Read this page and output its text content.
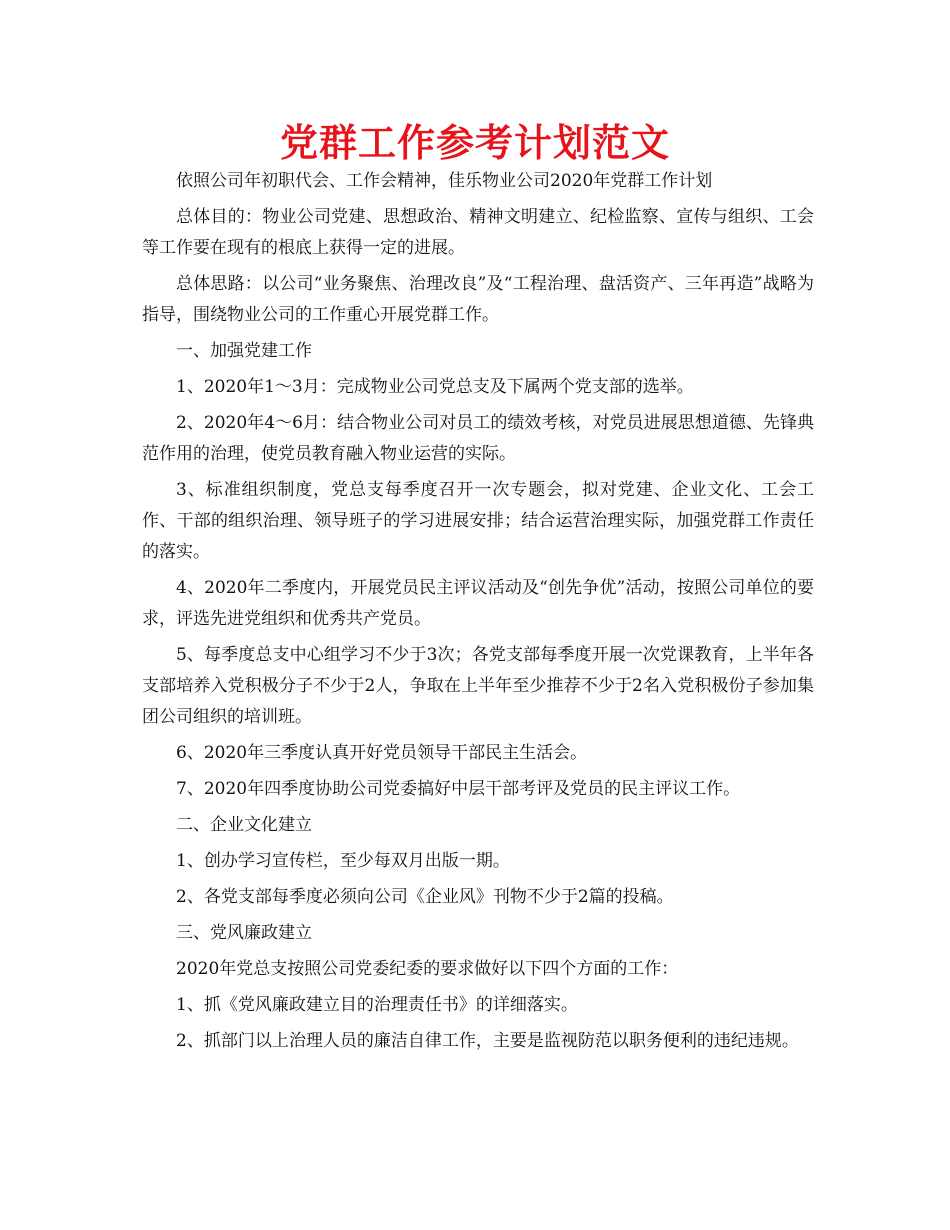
党群工作参考计划范文

依照公司年初职代会、工作会精神，佳乐物业公司2020年党群工作计划

总体目的：物业公司党建、思想政治、精神文明建立、纪检监察、宣传与组织、工会等工作要在现有的根底上获得一定的进展。

总体思路：以公司“业务聚焦、治理改良”及“工程治理、盘活资产、三年再造”战略为指导，围绕物业公司的工作重心开展党群工作。

一、加强党建工作

1、2020年1～3月：完成物业公司党总支及下属两个党支部的选举。

2、2020年4～6月：结合物业公司对员工的绩效考核，对党员进展思想道德、先锋典范作用的治理，使党员教育融入物业运营的实际。

3、标准组织制度，党总支每季度召开一次专题会，拟对党建、企业文化、工会工作、干部的组织治理、领导班子的学习进展安排；结合运营治理实际，加强党群工作责任的落实。

4、2020年二季度内，开展党员民主评议活动及“创先争优”活动，按照公司单位的要求，评选先进党组织和优秀共产党员。

5、每季度总支中心组学习不少于3次；各党支部每季度开展一次党课教育，上半年各支部培养入党积极分子不少于2人，争取在上半年至少推荐不少于2名入党积极份子参加集团公司组织的培训班。

6、2020年三季度认真开好党员领导干部民主生活会。

7、2020年四季度协助公司党委搞好中层干部考评及党员的民主评议工作。

二、企业文化建立

1、创办学习宣传栏，至少每双月出版一期。

2、各党支部每季度必须向公司《企业风》刊物不少于2篇的投稿。

三、党风廉政建立

2020年党总支按照公司党委纪委的要求做好以下四个方面的工作：

1、抓《党风廉政建立目的治理责任书》的详细落实。

2、抓部门以上治理人员的廉洁自律工作，主要是监视防范以职务便利的违纪违规。
